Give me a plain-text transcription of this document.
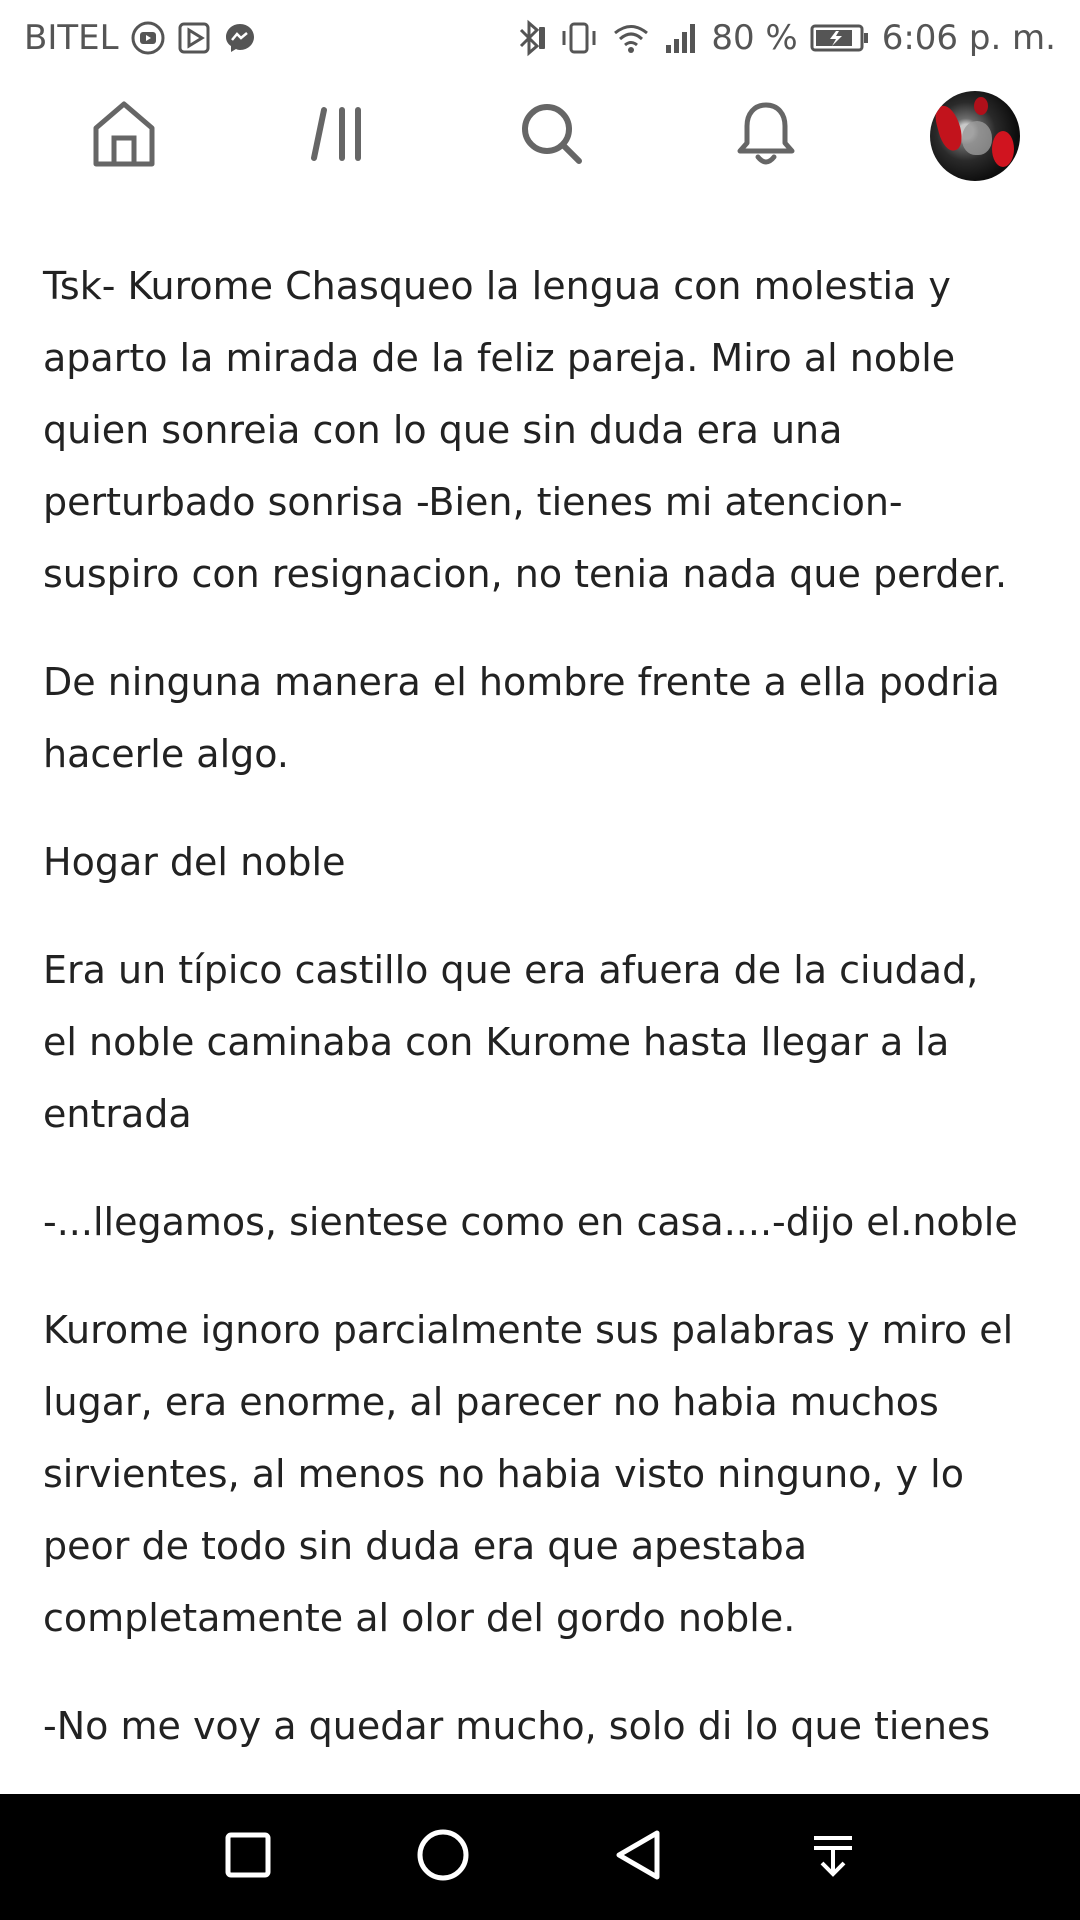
BITEL	80 % 6:06 p. m.

Tsk- Kurome Chasqueo la lengua con molestia y aparto la mirada de la feliz pareja. Miro al noble quien sonreia con lo que sin duda era una perturbado sonrisa -Bien, tienes mi atencion- suspiro con resignacion, no tenia nada que perder.

De ninguna manera el hombre frente a ella podria hacerle algo.

Hogar del noble

Era un típico castillo que era afuera de la ciudad, el noble caminaba con Kurome hasta llegar a la entrada

-...llegamos, sientese como en casa....-dijo el.noble

Kurome ignoro parcialmente sus palabras y miro el lugar, era enorme, al parecer no habia muchos sirvientes, al menos no habia visto ninguno, y lo peor de todo sin duda era que apestaba completamente al olor del gordo noble.

-No me voy a quedar mucho, solo di lo que tienes
